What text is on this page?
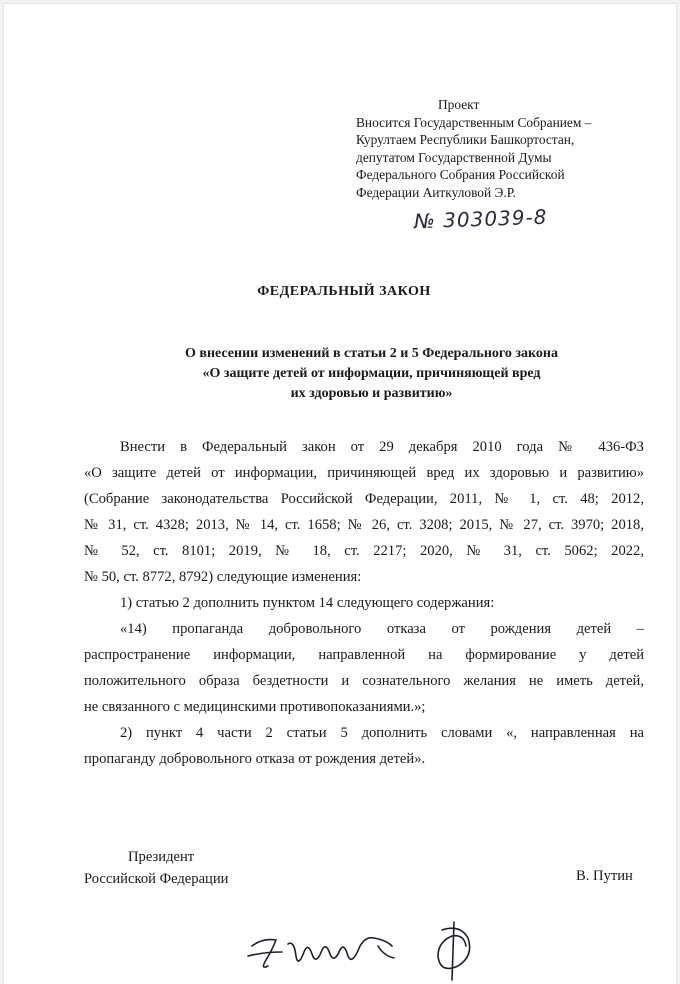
Проект
Вносится Государственным Собранием –
Курултаем Республики Башкортостан,
депутатом Государственной Думы
Федерального Собрания Российской
Федерации Аиткуловой Э.Р.
№ 303039-8
ФЕДЕРАЛЬНЫЙ ЗАКОН
О внесении изменений в статьи 2 и 5 Федерального закона
«О защите детей от информации, причиняющей вред
их здоровью и развитию»
Внести в Федеральный закон от 29 декабря 2010 года № 436-ФЗ
«О защите детей от информации, причиняющей вред их здоровью и развитию»
(Собрание законодательства Российской Федерации, 2011, № 1, ст. 48; 2012,
№ 31, ст. 4328; 2013, № 14, ст. 1658; № 26, ст. 3208; 2015, № 27, ст. 3970; 2018,
№ 52, ст. 8101; 2019, № 18, ст. 2217; 2020, № 31, ст. 5062; 2022,
№ 50, ст. 8772, 8792) следующие изменения:
1) статью 2 дополнить пунктом 14 следующего содержания:
«14) пропаганда добровольного отказа от рождения детей –
распространение информации, направленной на формирование у детей
положительного образа бездетности и сознательного желания не иметь детей,
не связанного с медицинскими противопоказаниями.»;
2) пункт 4 части 2 статьи 5 дополнить словами «, направленная на
пропаганду добровольного отказа от рождения детей».
Президент
Российской Федерации	В. Путин
